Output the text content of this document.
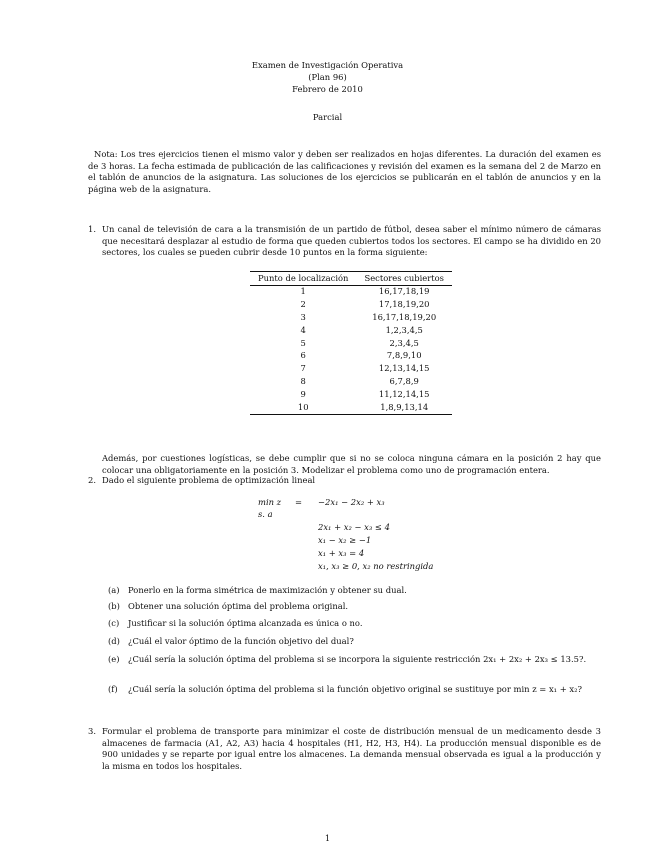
Examen de Investigación Operativa
(Plan 96)
Febrero de 2010
Parcial
Nota: Los tres ejercicios tienen el mismo valor y deben ser realizados en hojas diferentes. La duración del examen es de 3 horas. La fecha estimada de publicación de las calificaciones y revisión del examen es la semana del 2 de Marzo en el tablón de anuncios de la asignatura. Las soluciones de los ejercicios se publicarán en el tablón de anuncios y en la página web de la asignatura.
1. Un canal de televisión de cara a la transmisión de un partido de fútbol, desea saber el mínimo número de cámaras que necesitará desplazar al estudio de forma que queden cubiertos todos los sectores. El campo se ha dividido en 20 sectores, los cuales se pueden cubrir desde 10 puntos en la forma siguiente:
Punto de localización	Sectores cubiertos
1	16,17,18,19
2	17,18,19,20
3	16,17,18,19,20
4	1,2,3,4,5
5	2,3,4,5
6	7,8,9,10
7	12,13,14,15
8	6,7,8,9
9	11,12,14,15
10	1,8,9,13,14
Además, por cuestiones logísticas, se debe cumplir que si no se coloca ninguna cámara en la posición 2 hay que colocar una obligatoriamente en la posición 3. Modelizar el problema como uno de programación entera.
2. Dado el siguiente problema de optimización lineal
min z = −2x₁ − 2x₂ + x₃
s. a
2x₁ + x₂ − x₃ ≤ 4
x₁ − x₂ ≥ −1
x₁ + x₃ = 4
x₁, x₃ ≥ 0, x₂ no restringida
(a)	Ponerlo en la forma simétrica de maximización y obtener su dual.
(b) Obtener una solución óptima del problema original.
(c)	Justificar si la solución óptima alcanzada es única o no.
(d) ¿Cuál el valor óptimo de la función objetivo del dual?
(e)	¿Cuál sería la solución óptima del problema si se incorpora la siguiente restricción 2x₁ + 2x₂ + 2x₃ ≤ 13.5?.
(f)	¿Cuál sería la solución óptima del problema si la función objetivo original se sustituye por min z = x₁ + x₂?
3. Formular el problema de transporte para minimizar el coste de distribución mensual de un medicamento desde 3 almacenes de farmacia (A1, A2, A3) hacia 4 hospitales (H1, H2, H3, H4). La producción mensual disponible es de 900 unidades y se reparte por igual entre los almacenes. La demanda mensual observada es igual a la producción y la misma en todos los hospitales.
1
